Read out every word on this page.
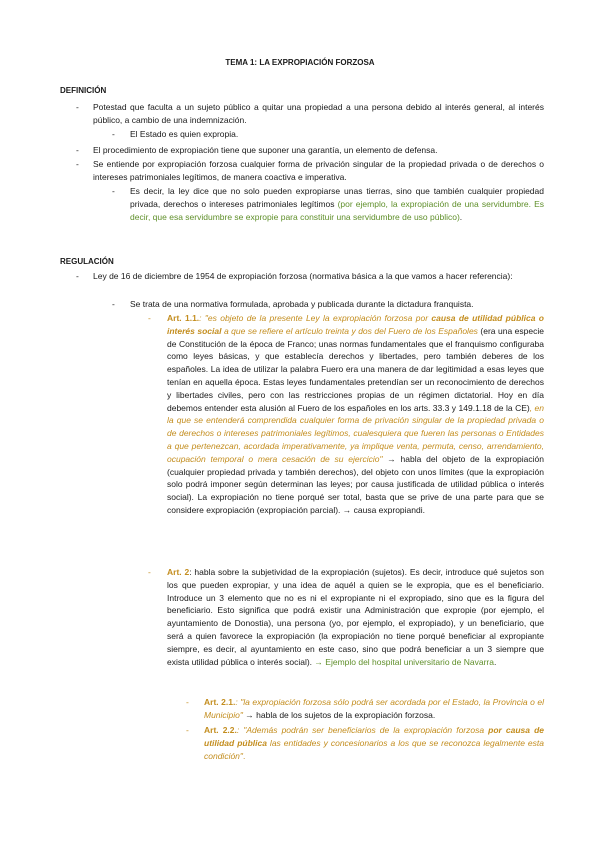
TEMA 1: LA EXPROPIACIÓN FORZOSA
DEFINICIÓN
- Potestad que faculta a un sujeto público a quitar una propiedad a una persona debido al interés general, al interés público, a cambio de una indemnización.
- El Estado es quien expropia.
- El procedimiento de expropiación tiene que suponer una garantía, un elemento de defensa.
- Se entiende por expropiación forzosa cualquier forma de privación singular de la propiedad privada o de derechos o intereses patrimoniales legítimos, de manera coactiva e imperativa.
- Es decir, la ley dice que no solo pueden expropiarse unas tierras, sino que también cualquier propiedad privada, derechos o intereses patrimoniales legítimos (por ejemplo, la expropiación de una servidumbre. Es decir, que esa servidumbre se expropie para constituir una servidumbre de uso público).
REGULACIÓN
- Ley de 16 de diciembre de 1954 de expropiación forzosa (normativa básica a la que vamos a hacer referencia):
- Se trata de una normativa formulada, aprobada y publicada durante la dictadura franquista.
- Art. 1.1.: "es objeto de la presente Ley la expropiación forzosa por causa de utilidad pública o interés social a que se refiere el artículo treinta y dos del Fuero de los Españoles (era una especie de Constitución de la época de Franco; unas normas fundamentales que el franquismo configuraba como leyes básicas, y que establecía derechos y libertades, pero también deberes de los españoles. La idea de utilizar la palabra Fuero era una manera de dar legitimidad a esas leyes que tenían en aquella época. Estas leyes fundamentales pretendían ser un reconocimiento de derechos y libertades civiles, pero con las restricciones propias de un régimen dictatorial. Hoy en día debemos entender esta alusión al Fuero de los españoles en los arts. 33.3 y 149.1.18 de la CE), en la que se entenderá comprendida cualquier forma de privación singular de la propiedad privada o de derechos o intereses patrimoniales legítimos, cualesquiera que fueren las personas o Entidades a que pertenezcan, acordada imperativamente, ya implique venta, permuta, censo, arrendamiento, ocupación temporal o mera cesación de su ejercicio" → habla del objeto de la expropiación (cualquier propiedad privada y también derechos), del objeto con unos límites (que la expropiación solo podrá imponer según determinan las leyes; por causa justificada de utilidad pública o interés social). La expropiación no tiene porqué ser total, basta que se prive de una parte para que se considere expropiación (expropiación parcial). → causa expropiandi.
- Art. 2: habla sobre la subjetividad de la expropiación (sujetos). Es decir, introduce qué sujetos son los que pueden expropiar, y una idea de aquél a quien se le expropia, que es el beneficiario. Introduce un 3 elemento que no es ni el expropiante ni el expropiado, sino que es la figura del beneficiario. Esto significa que podrá existir una Administración que expropie (por ejemplo, el ayuntamiento de Donostia), una persona (yo, por ejemplo, el expropiado), y un beneficiario, que será a quien favorece la expropiación (la expropiación no tiene porqué beneficiar al expropiante siempre, es decir, al ayuntamiento en este caso, sino que podrá beneficiar a un 3 siempre que exista utilidad pública o interés social). → Ejemplo del hospital universitario de Navarra.
- Art. 2.1.: "la expropiación forzosa sólo podrá ser acordada por el Estado, la Provincia o el Municipio" → habla de los sujetos de la expropiación forzosa.
- Art. 2.2.: "Además podrán ser beneficiarios de la expropiación forzosa por causa de utilidad pública las entidades y concesionarios a los que se reconozca legalmente esta condición".
